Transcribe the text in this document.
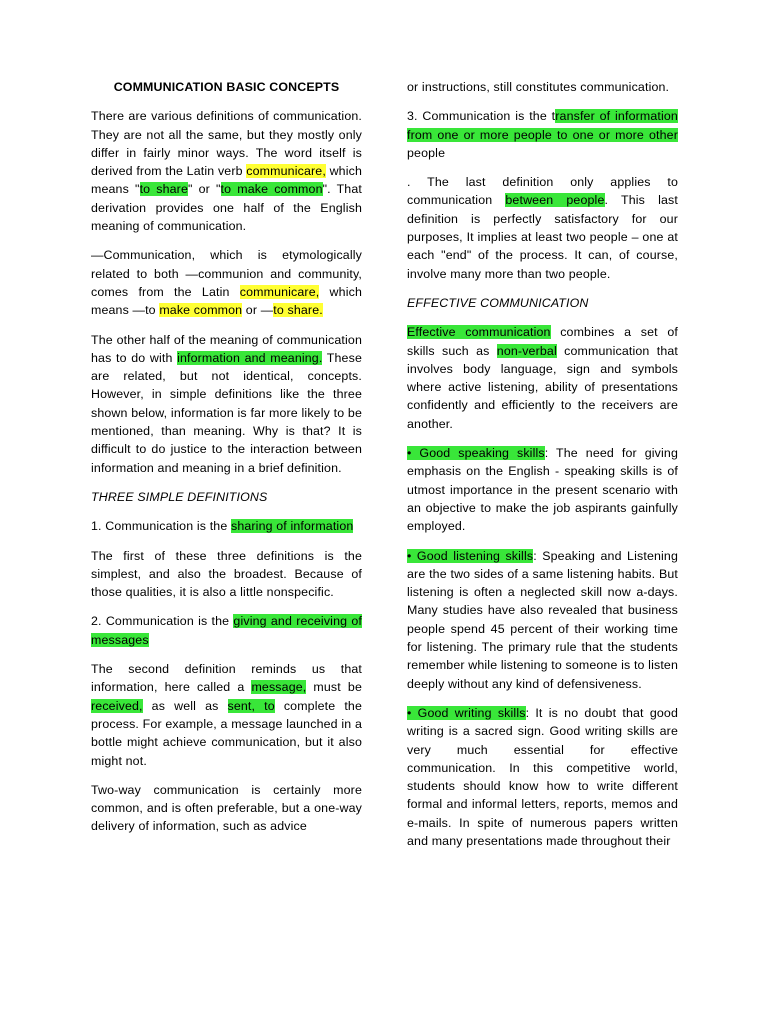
COMMUNICATION BASIC CONCEPTS

There are various definitions of communication. They are not all the same, but they mostly only differ in fairly minor ways. The word itself is derived from the Latin verb communicare, which means "to share" or "to make common". That derivation provides one half of the English meaning of communication.

—Communication, which is etymologically related to both —communion and community, comes from the Latin communicare, which means —to make common or —to share.

The other half of the meaning of communication has to do with information and meaning. These are related, but not identical, concepts. However, in simple definitions like the three shown below, information is far more likely to be mentioned, than meaning. Why is that? It is difficult to do justice to the interaction between information and meaning in a brief definition.

THREE SIMPLE DEFINITIONS

1. Communication is the sharing of information

The first of these three definitions is the simplest, and also the broadest. Because of those qualities, it is also a little nonspecific.

2. Communication is the giving and receiving of messages

The second definition reminds us that information, here called a message, must be received, as well as sent, to complete the process. For example, a message launched in a bottle might achieve communication, but it also might not.

Two-way communication is certainly more common, and is often preferable, but a one-way delivery of information, such as advice

or instructions, still constitutes communication.

3. Communication is the transfer of information from one or more people to one or more other people

. The last definition only applies to communication between people. This last definition is perfectly satisfactory for our purposes, It implies at least two people – one at each "end" of the process. It can, of course, involve many more than two people.

EFFECTIVE COMMUNICATION

Effective communication combines a set of skills such as non-verbal communication that involves body language, sign and symbols where active listening, ability of presentations confidently and efficiently to the receivers are another.

• Good speaking skills: The need for giving emphasis on the English - speaking skills is of utmost importance in the present scenario with an objective to make the job aspirants gainfully employed.

• Good listening skills: Speaking and Listening are the two sides of a same listening habits. But listening is often a neglected skill now a-days. Many studies have also revealed that business people spend 45 percent of their working time for listening. The primary rule that the students remember while listening to someone is to listen deeply without any kind of defensiveness.

• Good writing skills: It is no doubt that good writing is a sacred sign. Good writing skills are very much essential for effective communication. In this competitive world, students should know how to write different formal and informal letters, reports, memos and e-mails. In spite of numerous papers written and many presentations made throughout their
